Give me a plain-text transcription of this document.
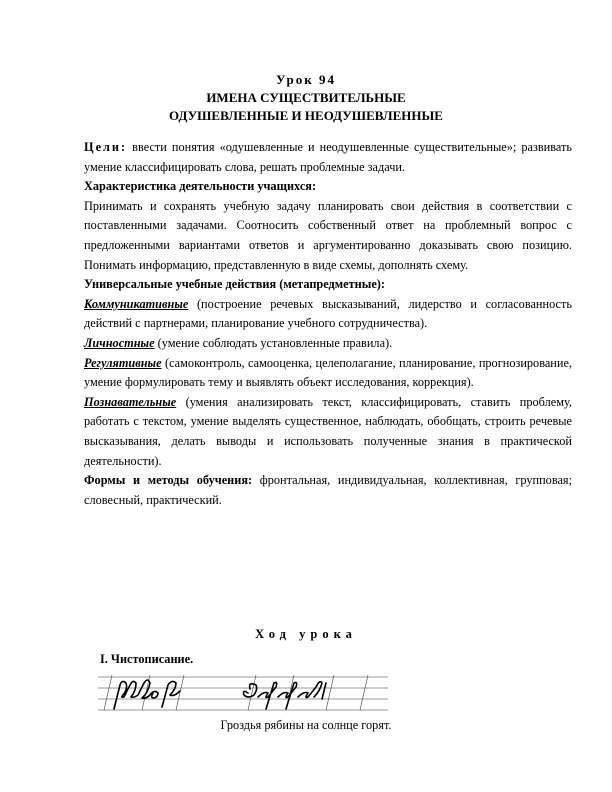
Урок 94
ИМЕНА СУЩЕСТВИТЕЛЬНЫЕ
ОДУШЕВЛЕННЫЕ И НЕОДУШЕВЛЕННЫЕ

Цели: ввести понятия «одушевленные и неодушевленные существительные»; развивать умение классифицировать слова, решать проблемные задачи.

Характеристика деятельности учащихся:

Принимать и сохранять учебную задачу планировать свои действия в соответствии с поставленными задачами. Соотносить собственный ответ на проблемный вопрос с предложенными вариантами ответов и аргументированно доказывать свою позицию. Понимать информацию, представленную в виде схемы, дополнять схему.

Универсальные учебные действия (метапредметные):

Коммуникативные (построение речевых высказываний, лидерство и согласованность действий с партнерами, планирование учебного сотрудничества).

Личностные (умение соблюдать установленные правила).

Регулятивные (самоконтроль, самооценка, целеполагание, планирование, прогнозирование, умение формулировать тему и выявлять объект исследования, коррекция).

Познавательные (умения анализировать текст, классифицировать, ставить проблему, работать с текстом, умение выделять существенное, наблюдать, обобщать, строить речевые высказывания, делать выводы и использовать полученные знания в практической деятельности).

Формы и методы обучения: фронтальная, индивидуальная, коллективная, групповая; словесный, практический.

Ход урока
I. Чистописание.
Гроздья рябины на солнце горят.
